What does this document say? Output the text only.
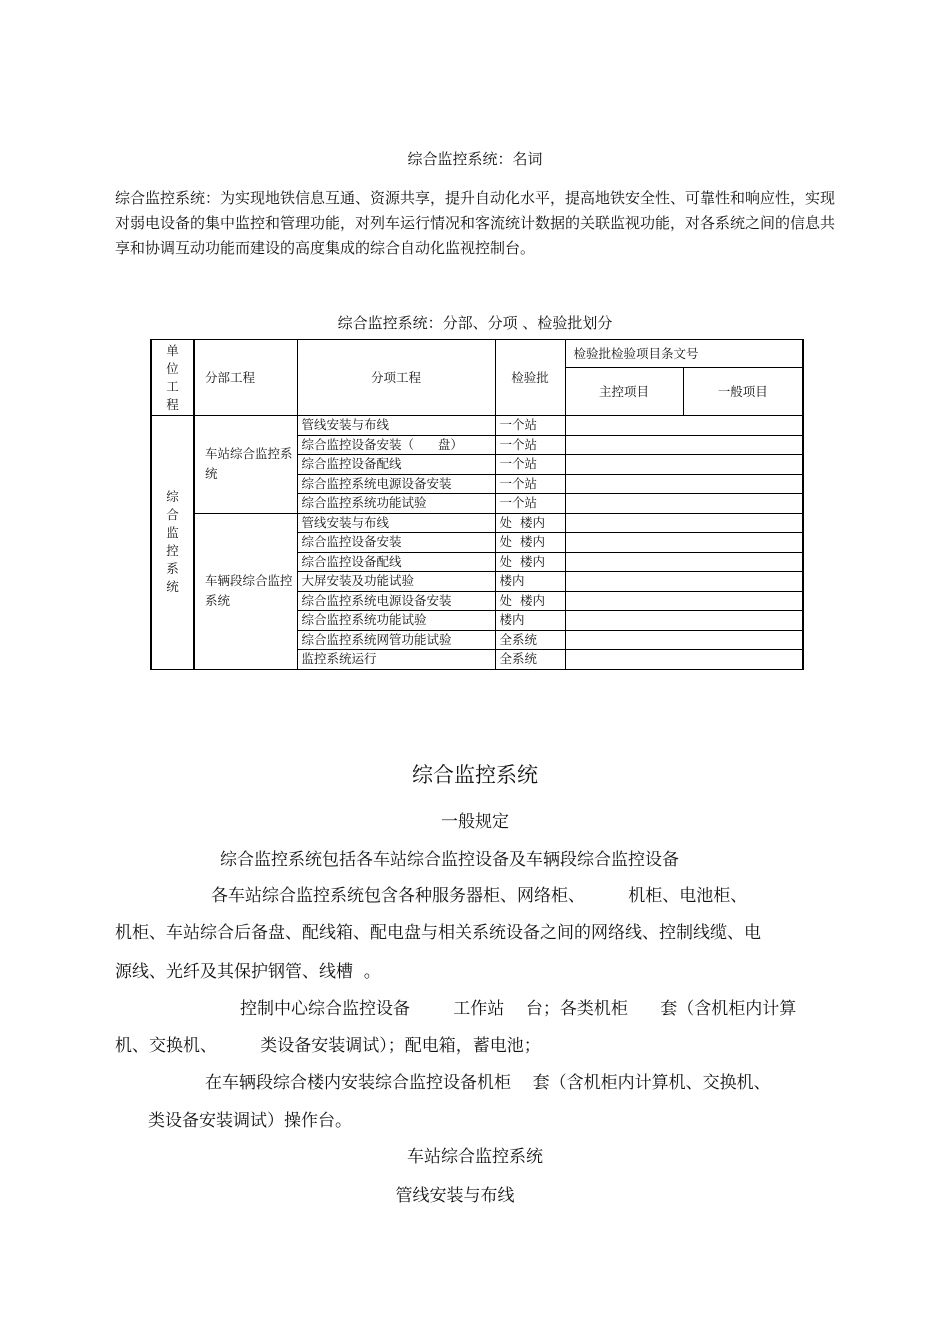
综合监控系统：名词
综合监控系统：为实现地铁信息互通、资源共享，提升自动化水平，提高地铁安全性、可靠性和响应性，实现对弱电设备的集中监控和管理功能，对列车运行情况和客流统计数据的关联监视功能，对各系统之间的信息共享和协调互动功能而建设的高度集成的综合自动化监视控制台。
综合监控系统：分部、分项 、检验批划分
单位工程	分部工程	分项工程	检验批	检验批检验项目条文号	
				主控项目	一般项目
综合监控系统	车站综合监控系统	管线安装与布线	一个站		
		综合监控设备安装（      盘）	一个站		
		综合监控设备配线	一个站		
		综合监控系统电源设备安装	一个站		
		综合监控系统功能试验	一个站		
	车辆段综合监控系统	管线安装与布线	处  楼内		
		综合监控设备安装	处  楼内		
		综合监控设备配线	处  楼内		
		大屏安装及功能试验	楼内		
		综合监控系统电源设备安装	处  楼内		
		综合监控系统功能试验	楼内		
		综合监控系统网管功能试验	全系统		
		监控系统运行	全系统		
综合监控系统
一般规定
综合监控系统包括各车站综合监控设备及车辆段综合监控设备
各车站综合监控系统包含各种服务器柜、网络柜、        机柜、电池柜、
机柜、车站综合后备盘、配线箱、配电盘与相关系统设备之间的网络线、控制线缆、电
源线、光纤及其保护钢管、线槽  。
控制中心综合监控设备        工作站    台；各类机柜      套（含机柜内计算
机、交换机、        类设备安装调试）；配电箱，蓄电池；
在车辆段综合楼内安装综合监控设备机柜    套（含机柜内计算机、交换机、
类设备安装调试）操作台。
车站综合监控系统
管线安装与布线
